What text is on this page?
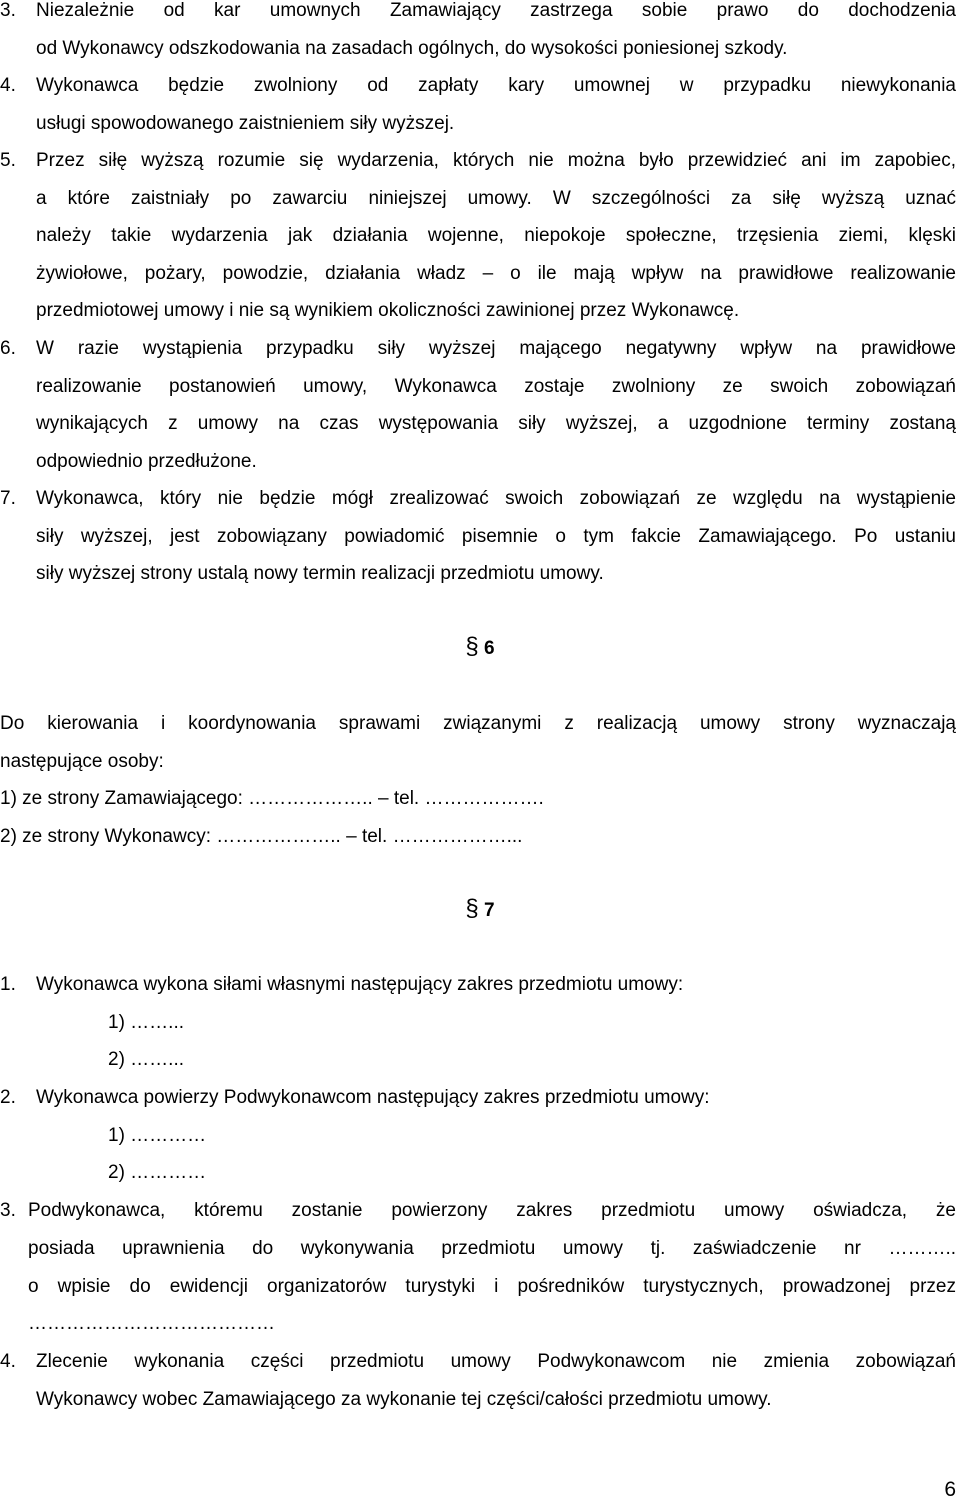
3. Niezależnie od kar umownych Zamawiający zastrzega sobie prawo do dochodzenia
od Wykonawcy odszkodowania na zasadach ogólnych, do wysokości poniesionej szkody.
4. Wykonawca będzie zwolniony od zapłaty kary umownej w przypadku niewykonania
usługi spowodowanego zaistnieniem siły wyższej.
5. Przez siłę wyższą rozumie się wydarzenia, których nie można było przewidzieć ani im zapobiec,
a które zaistniały po zawarciu niniejszej umowy. W szczególności za siłę wyższą uznać
należy takie wydarzenia jak działania wojenne, niepokoje społeczne, trzęsienia ziemi, klęski
żywiołowe, pożary, powodzie, działania władz – o ile mają wpływ na prawidłowe realizowanie
przedmiotowej umowy i nie są wynikiem okoliczności zawinionej przez Wykonawcę.
6. W razie wystąpienia przypadku siły wyższej mającego negatywny wpływ na prawidłowe
realizowanie postanowień umowy, Wykonawca zostaje zwolniony ze swoich zobowiązań
wynikających z umowy na czas występowania siły wyższej, a uzgodnione terminy zostaną
odpowiednio przedłużone.
7. Wykonawca, który nie będzie mógł zrealizować swoich zobowiązań ze względu na wystąpienie
siły wyższej, jest zobowiązany powiadomić pisemnie o tym fakcie Zamawiającego. Po ustaniu
siły wyższej strony ustalą nowy termin realizacji przedmiotu umowy.
§ 6
Do kierowania i koordynowania sprawami związanymi z realizacją umowy strony wyznaczają
następujące osoby:
1) ze strony Zamawiającego: ……………….. – tel. ……………….
2) ze strony Wykonawcy: ……………….. – tel. ………………...
§ 7
1. Wykonawca wykona siłami własnymi następujący zakres przedmiotu umowy:
1) ……...
2) ……...
2. Wykonawca powierzy Podwykonawcom następujący zakres przedmiotu umowy:
1) …………
2) …………
3. Podwykonawca, któremu zostanie powierzony zakres przedmiotu umowy oświadcza, że
posiada uprawnienia do wykonywania przedmiotu umowy tj. zaświadczenie nr ………..
o wpisie do ewidencji organizatorów turystyki i pośredników turystycznych, prowadzonej przez
…………………………………
4. Zlecenie wykonania części przedmiotu umowy Podwykonawcom nie zmienia zobowiązań
Wykonawcy wobec Zamawiającego za wykonanie tej części/całości przedmiotu umowy.
6
